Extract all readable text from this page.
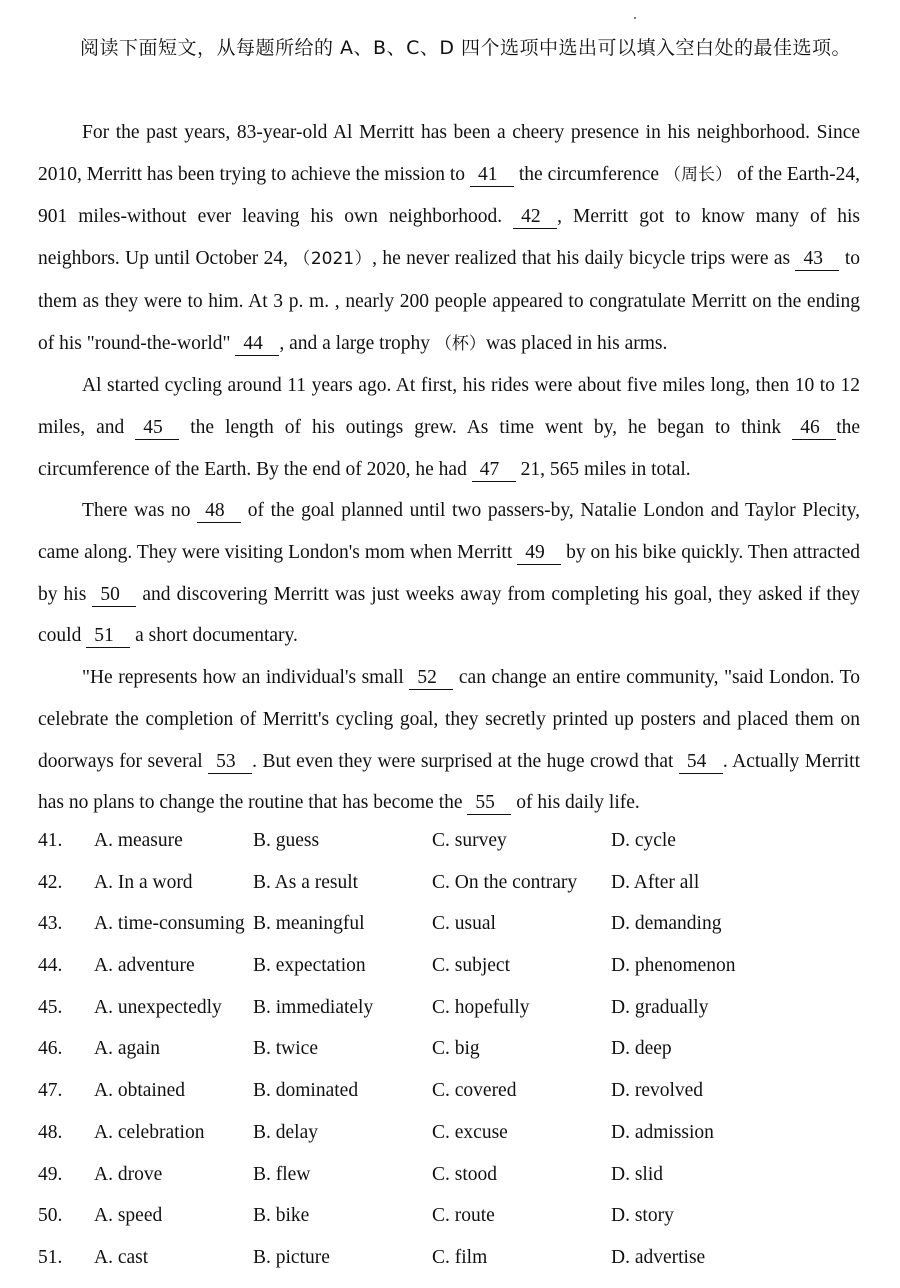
阅读下面短文，从每题所给的 A、B、C、D 四个选项中选出可以填入空白处的最佳选项。

For the past years, 83-year-old Al Merritt has been a cheery presence in his neighborhood. Since 2010, Merritt has been trying to achieve the mission to 41 the circumference （周长） of the Earth-24, 901 miles-without ever leaving his own neighborhood. 42 , Merritt got to know many of his neighbors. Up until October 24, （2021）, he never realized that his daily bicycle trips were as 43 to them as they were to him. At 3 p. m. , nearly 200 people appeared to congratulate Merritt on the ending of his "round-the-world" 44 , and a large trophy （杯）was placed in his arms.

Al started cycling around 11 years ago. At first, his rides were about five miles long, then 10 to 12 miles, and 45 the length of his outings grew. As time went by, he began to think 46 the circumference of the Earth. By the end of 2020, he had 47 21, 565 miles in total.

There was no 48 of the goal planned until two passers-by, Natalie London and Taylor Plecity, came along. They were visiting London's mom when Merritt 49 by on his bike quickly. Then attracted by his 50 and discovering Merritt was just weeks away from completing his goal, they asked if they could 51 a short documentary.

"He represents how an individual's small 52 can change an entire community, "said London. To celebrate the completion of Merritt's cycling goal, they secretly printed up posters and placed them on doorways for several 53 . But even they were surprised at the huge crowd that 54 . Actually Merritt has no plans to change the routine that has become the 55 of his daily life.

41. A. measure	B. guess	C. survey	D. cycle
42. A. In a word	B. As a result	C. On the contrary D. After all
43. A. time-consuming B. meaningful	C. usual	D. demanding
44. A. adventure	B. expectation	C. subject	D. phenomenon
45. A. unexpectedly B. immediately	C. hopefully	D. gradually
46. A. again	B. twice	C. big	D. deep
47. A. obtained	B. dominated	C. covered	D. revolved
48. A. celebration B. delay	C. excuse	D. admission
49. A. drove	B. flew	C. stood	D. slid
50. A. speed	B. bike	C. route	D. story
51. A. cast	B. picture	C. film	D. advertise
